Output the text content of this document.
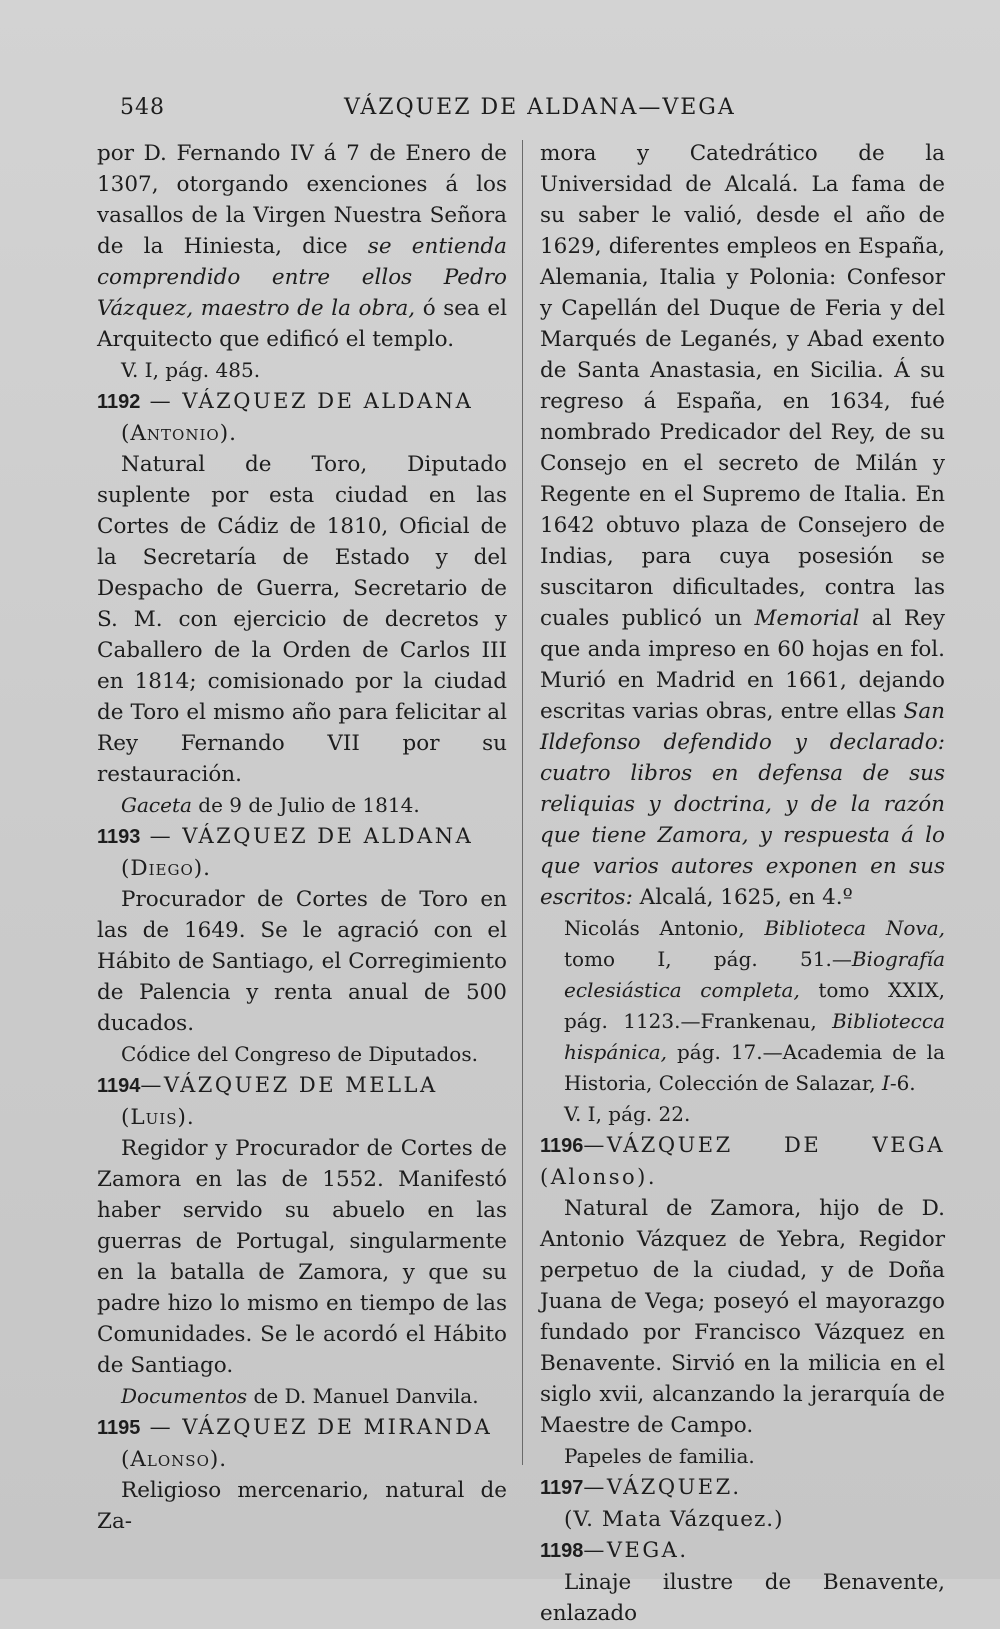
548	VÁZQUEZ DE ALDANA—VEGA

por D. Fernando IV á 7 de Enero de 1307, otorgando exenciones á los vasallos de la Virgen Nuestra Señora de la Hiniesta, dice se entienda comprendido entre ellos Pedro Vázquez, maestro de la obra, ó sea el Arquitecto que edificó el templo.

V. I, pág. 485.

1192 — VÁZQUEZ DE ALDANA

(Antonio).

Natural de Toro, Diputado suplente por esta ciudad en las Cortes de Cádiz de 1810, Oficial de la Secretaría de Estado y del Despacho de Guerra, Secretario de S. M. con ejercicio de decretos y Caballero de la Orden de Carlos III en 1814; comisionado por la ciudad de Toro el mismo año para felicitar al Rey Fernando VII por su restauración.

Gaceta de 9 de Julio de 1814.

1193 — VÁZQUEZ DE ALDANA

(Diego).

Procurador de Cortes de Toro en las de 1649. Se le agració con el Hábito de Santiago, el Corregimiento de Palencia y renta anual de 500 ducados.

Códice del Congreso de Diputados.

1194—VÁZQUEZ DE MELLA

(Luis).

Regidor y Procurador de Cortes de Zamora en las de 1552. Manifestó haber servido su abuelo en las guerras de Portugal, singularmente en la batalla de Zamora, y que su padre hizo lo mismo en tiempo de las Comunidades. Se le acordó el Hábito de Santiago.

Documentos de D. Manuel Danvila.

1195 — VÁZQUEZ DE MIRANDA

(Alonso).

Religioso mercenario, natural de Za-

mora y Catedrático de la Universidad de Alcalá. La fama de su saber le valió, desde el año de 1629, diferentes empleos en España, Alemania, Italia y Polonia: Confesor y Capellán del Duque de Feria y del Marqués de Leganés, y Abad exento de Santa Anastasia, en Sicilia. Á su regreso á España, en 1634, fué nombrado Predicador del Rey, de su Consejo en el secreto de Milán y Regente en el Supremo de Italia. En 1642 obtuvo plaza de Consejero de Indias, para cuya posesión se suscitaron dificultades, contra las cuales publicó un Memorial al Rey que anda impreso en 60 hojas en fol. Murió en Madrid en 1661, dejando escritas varias obras, entre ellas San Ildefonso defendido y declarado: cuatro libros en defensa de sus reliquias y doctrina, y de la razón que tiene Zamora, y respuesta á lo que varios autores exponen en sus escritos: Alcalá, 1625, en 4.º

Nicolás Antonio, Biblioteca Nova, tomo I, pág. 51.—Biografía eclesiástica completa, tomo XXIX, pág. 1123.—Frankenau, Bibliotecca hispánica, pág. 17.—Academia de la Historia, Colección de Salazar, I-6.

V. I, pág. 22.

1196—VÁZQUEZ DE VEGA (Alonso).

Natural de Zamora, hijo de D. Antonio Vázquez de Yebra, Regidor perpetuo de la ciudad, y de Doña Juana de Vega; poseyó el mayorazgo fundado por Francisco Vázquez en Benavente. Sirvió en la milicia en el siglo xvii, alcanzando la jerarquía de Maestre de Campo.

Papeles de familia.

1197—VÁZQUEZ.

(V. Mata Vázquez.)

1198—VEGA.

Linaje ilustre de Benavente, enlazado
